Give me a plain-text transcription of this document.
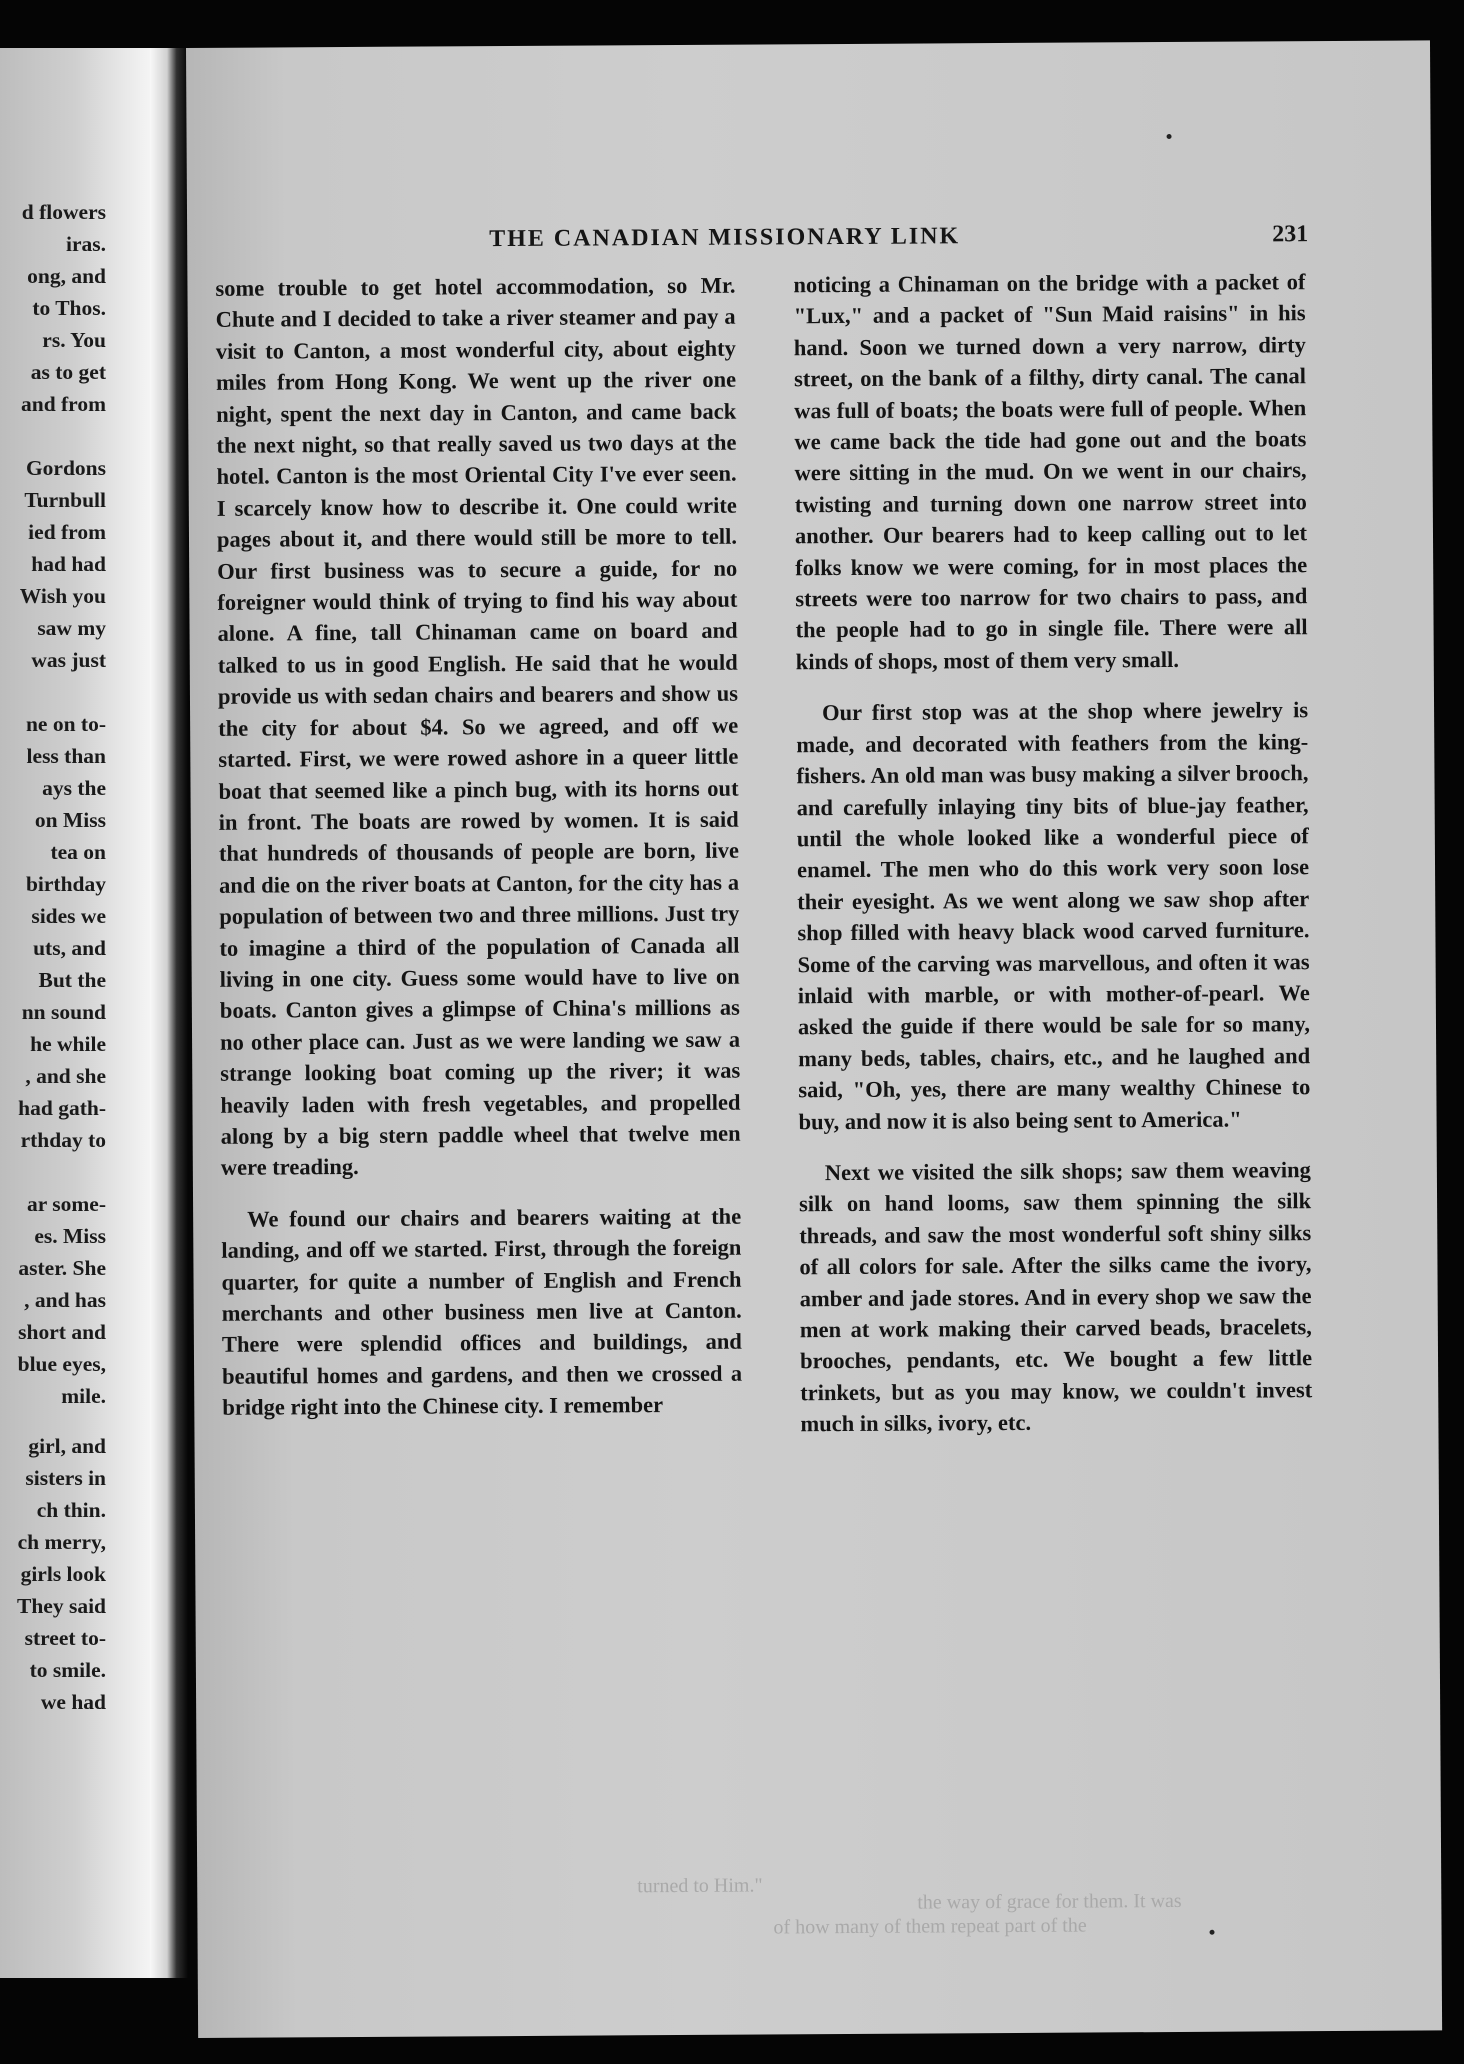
d flowers
iras.
ong, and
to Thos.
rs. You
as to get
and from
Gordons
Turnbull
ied from
had had
Wish you
saw my
was just
ne on to-
less than
ays the
on Miss
tea on
birthday
sides we
uts, and
But the
nn sound
he while
, and she
had gath-
rthday to
ar some-
es. Miss
aster. She
, and has
short and
blue eyes,
mile.
girl, and
sisters in
ch thin.
ch merry,
girls look
They said
street to-
to smile.
we had
THE CANADIAN MISSIONARY LINK	231

some trouble to get hotel accommodation, so Mr. Chute and I decided to take a river steamer and pay a visit to Canton, a most wonderful city, about eighty miles from Hong Kong. We went up the river one night, spent the next day in Canton, and came back the next night, so that really saved us two days at the hotel. Canton is the most Oriental City I've ever seen. I scarcely know how to describe it. One could write pages about it, and there would still be more to tell. Our first business was to secure a guide, for no foreigner would think of trying to find his way about alone. A fine, tall Chinaman came on board and talked to us in good English. He said that he would provide us with sedan chairs and bearers and show us the city for about $4. So we agreed, and off we started. First, we were rowed ashore in a queer little boat that seemed like a pinch bug, with its horns out in front. The boats are rowed by women. It is said that hundreds of thousands of people are born, live and die on the river boats at Canton, for the city has a population of between two and three millions. Just try to imagine a third of the population of Canada all living in one city. Guess some would have to live on boats. Canton gives a glimpse of China's millions as no other place can. Just as we were landing we saw a strange looking boat coming up the river; it was heavily laden with fresh vegetables, and propelled along by a big stern paddle wheel that twelve men were treading.

We found our chairs and bearers waiting at the landing, and off we started. First, through the foreign quarter, for quite a number of English and French merchants and other business men live at Canton. There were splendid offices and buildings, and beautiful homes and gardens, and then we crossed a bridge right into the Chinese city. I remember

noticing a Chinaman on the bridge with a packet of "Lux," and a packet of "Sun Maid raisins" in his hand. Soon we turned down a very narrow, dirty street, on the bank of a filthy, dirty canal. The canal was full of boats; the boats were full of people. When we came back the tide had gone out and the boats were sitting in the mud. On we went in our chairs, twisting and turning down one narrow street into another. Our bearers had to keep calling out to let folks know we were coming, for in most places the streets were too narrow for two chairs to pass, and the people had to go in single file. There were all kinds of shops, most of them very small.

Our first stop was at the shop where jewelry is made, and decorated with feathers from the king-fishers. An old man was busy making a silver brooch, and carefully inlaying tiny bits of blue-jay feather, until the whole looked like a wonderful piece of enamel. The men who do this work very soon lose their eyesight. As we went along we saw shop after shop filled with heavy black wood carved furniture. Some of the carving was marvellous, and often it was inlaid with marble, or with mother-of-pearl. We asked the guide if there would be sale for so many, many beds, tables, chairs, etc., and he laughed and said, "Oh, yes, there are many wealthy Chinese to buy, and now it is also being sent to America."

Next we visited the silk shops; saw them weaving silk on hand looms, saw them spinning the silk threads, and saw the most wonderful soft shiny silks of all colors for sale. After the silks came the ivory, amber and jade stores. And in every shop we saw the men at work making their carved beads, bracelets, brooches, pendants, etc. We bought a few little trinkets, but as you may know, we couldn't invest much in silks, ivory, etc.

turned to Him."
the way of grace for them. It was
of how many of them repeat part of the
